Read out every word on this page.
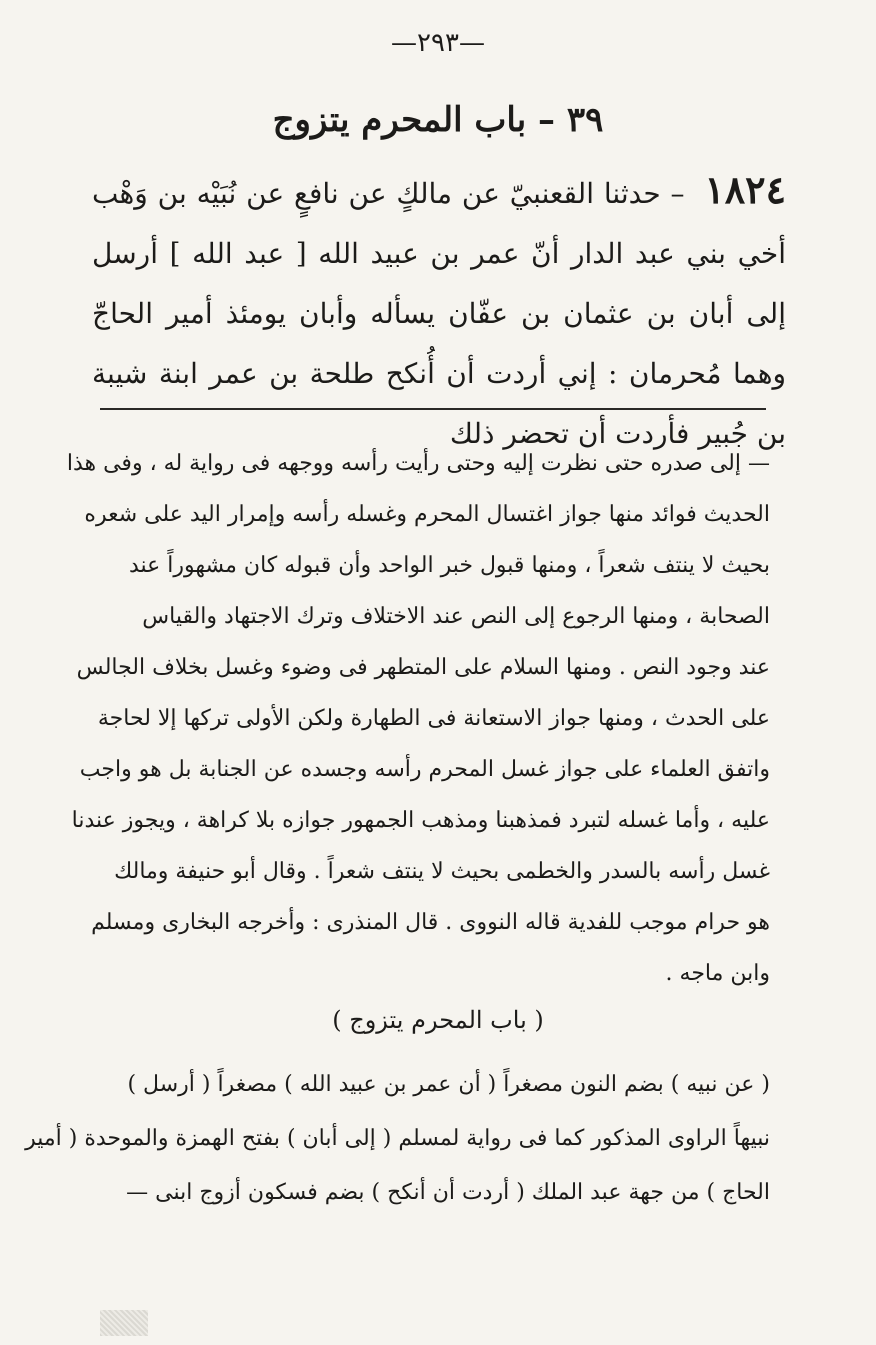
—٢٩٣—
٣٩ – باب المحرم يتزوج
١٨٢٤ – حدثنا القعنبيّ عن مالكٍ عن نافعٍ عن نُبَيْه بن وَهْب أخي بني عبد الدار أنّ عمر بن عبيد الله [ عبد الله ] أرسل إلى أبان بن عثمان بن عفّان يسأله وأبان يومئذ أمير الحاجّ وهما مُحرمان : إني أردت أن أُنكح طلحة بن عمر ابنة شيبة بن جُبير فأردت أن تحضر ذلك
— إلى صدره حتى نظرت إليه وحتى رأيت رأسه ووجهه فى رواية له ، وفى هذا
الحديث فوائد منها جواز اغتسال المحرم وغسله رأسه وإمرار اليد على شعره
بحيث لا ينتف شعراً ، ومنها قبول خبر الواحد وأن قبوله كان مشهوراً عند
الصحابة ، ومنها الرجوع إلى النص عند الاختلاف وترك الاجتهاد والقياس
عند وجود النص . ومنها السلام على المتطهر فى وضوء وغسل بخلاف الجالس
على الحدث ، ومنها جواز الاستعانة فى الطهارة ولكن الأولى تركها إلا لحاجة
واتفق العلماء على جواز غسل المحرم رأسه وجسده عن الجنابة بل هو واجب
عليه ، وأما غسله لتبرد فمذهبنا ومذهب الجمهور جوازه بلا كراهة ، ويجوز عندنا
غسل رأسه بالسدر والخطمى بحيث لا ينتف شعراً . وقال أبو حنيفة ومالك
هو حرام موجب للفدية قاله النووى . قال المنذرى : وأخرجه البخارى ومسلم
وابن ماجه .
( باب المحرم يتزوج )
( عن نبيه ) بضم النون مصغراً ( أن عمر بن عبيد الله ) مصغراً ( أرسل )
نبيهاً الراوى المذكور كما فى رواية لمسلم ( إلى أبان ) بفتح الهمزة والموحدة ( أمير
الحاج ) من جهة عبد الملك ( أردت أن أنكح ) بضم فسكون أزوج ابنى —
